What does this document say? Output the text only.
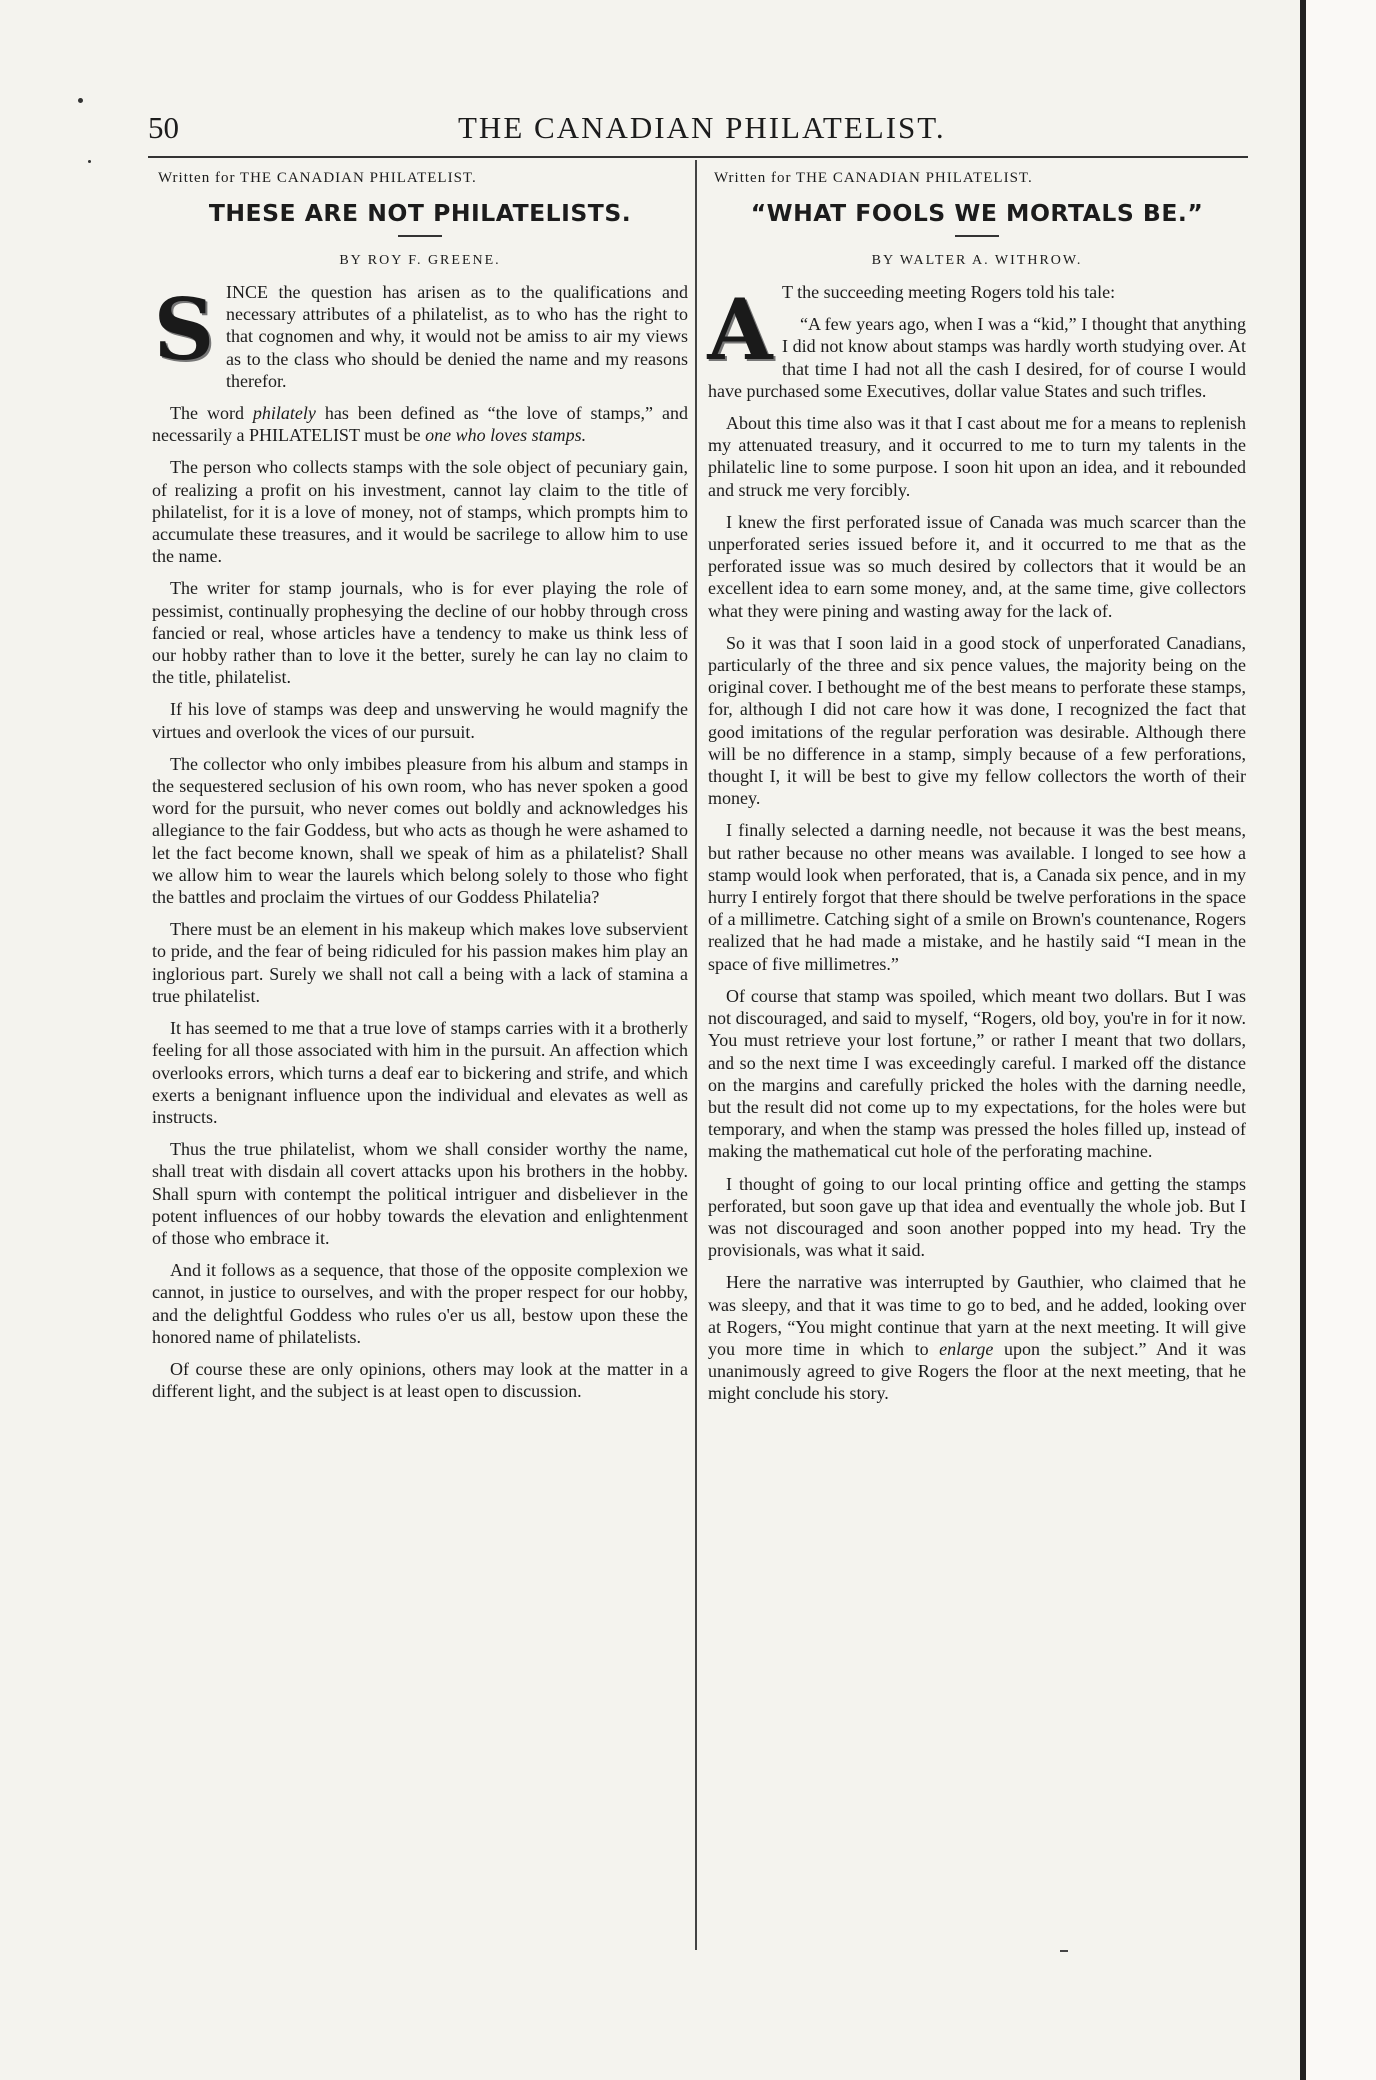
50	THE CANADIAN PHILATELIST.
Written for THE CANADIAN PHILATELIST.
THESE ARE NOT PHILATELISTS.
BY ROY F. GREENE.

SINCE the question has arisen as to the qualifications and necessary attributes of a philatelist, as to who has the right to that cognomen and why, it would not be amiss to air my views as to the class who should be denied the name and my reasons therefor.

The word philately has been defined as “the love of stamps,” and necessarily a PHILATELIST must be one who loves stamps.

The person who collects stamps with the sole object of pecuniary gain, of realizing a profit on his investment, cannot lay claim to the title of philatelist, for it is a love of money, not of stamps, which prompts him to accumulate these treasures, and it would be sacrilege to allow him to use the name.

The writer for stamp journals, who is for ever playing the role of pessimist, continually prophesying the decline of our hobby through cross fancied or real, whose articles have a tendency to make us think less of our hobby rather than to love it the better, surely he can lay no claim to the title, philatelist.

If his love of stamps was deep and unswerving he would magnify the virtues and overlook the vices of our pursuit.

The collector who only imbibes pleasure from his album and stamps in the sequestered seclusion of his own room, who has never spoken a good word for the pursuit, who never comes out boldly and acknowledges his allegiance to the fair Goddess, but who acts as though he were ashamed to let the fact become known, shall we speak of him as a philatelist? Shall we allow him to wear the laurels which belong solely to those who fight the battles and proclaim the virtues of our Goddess Philatelia?

There must be an element in his makeup which makes love subservient to pride, and the fear of being ridiculed for his passion makes him play an inglorious part. Surely we shall not call a being with a lack of stamina a true philatelist.

It has seemed to me that a true love of stamps carries with it a brotherly feeling for all those associated with him in the pursuit. An affection which overlooks errors, which turns a deaf ear to bickering and strife, and which exerts a benignant influence upon the individual and elevates as well as instructs.

Thus the true philatelist, whom we shall consider worthy the name, shall treat with disdain all covert attacks upon his brothers in the hobby. Shall spurn with contempt the political intriguer and disbeliever in the potent influences of our hobby towards the elevation and enlightenment of those who embrace it.

And it follows as a sequence, that those of the opposite complexion we cannot, in justice to ourselves, and with the proper respect for our hobby, and the delightful Goddess who rules o'er us all, bestow upon these the honored name of philatelists.

Of course these are only opinions, others may look at the matter in a different light, and the subject is at least open to discussion.

Written for THE CANADIAN PHILATELIST.
“WHAT FOOLS WE MORTALS BE.”
BY WALTER A. WITHROW.

A T the succeeding meeting Rogers told his tale:

“A few years ago, when I was a “kid,” I thought that anything I did not know about stamps was hardly worth studying over. At that time I had not all the cash I desired, for of course I would have purchased some Executives, dollar value States and such trifles.

About this time also was it that I cast about me for a means to replenish my attenuated treasury, and it occurred to me to turn my talents in the philatelic line to some purpose. I soon hit upon an idea, and it rebounded and struck me very forcibly.

I knew the first perforated issue of Canada was much scarcer than the unperforated series issued before it, and it occurred to me that as the perforated issue was so much desired by collectors that it would be an excellent idea to earn some money, and, at the same time, give collectors what they were pining and wasting away for the lack of.

So it was that I soon laid in a good stock of unperforated Canadians, particularly of the three and six pence values, the majority being on the original cover. I bethought me of the best means to perforate these stamps, for, although I did not care how it was done, I recognized the fact that good imitations of the regular perforation was desirable. Although there will be no difference in a stamp, simply because of a few perforations, thought I, it will be best to give my fellow collectors the worth of their money.

I finally selected a darning needle, not because it was the best means, but rather because no other means was available. I longed to see how a stamp would look when perforated, that is, a Canada six pence, and in my hurry I entirely forgot that there should be twelve perforations in the space of a millimetre. Catching sight of a smile on Brown's countenance, Rogers realized that he had made a mistake, and he hastily said “I mean in the space of five millimetres.”

Of course that stamp was spoiled, which meant two dollars. But I was not discouraged, and said to myself, “Rogers, old boy, you're in for it now. You must retrieve your lost fortune,” or rather I meant that two dollars, and so the next time I was exceedingly careful. I marked off the distance on the margins and carefully pricked the holes with the darning needle, but the result did not come up to my expectations, for the holes were but temporary, and when the stamp was pressed the holes filled up, instead of making the mathematical cut hole of the perforating machine.

I thought of going to our local printing office and getting the stamps perforated, but soon gave up that idea and eventually the whole job. But I was not discouraged and soon another popped into my head. Try the provisionals, was what it said.

Here the narrative was interrupted by Gauthier, who claimed that he was sleepy, and that it was time to go to bed, and he added, looking over at Rogers, “You might continue that yarn at the next meeting. It will give you more time in which to enlarge upon the subject.” And it was unanimously agreed to give Rogers the floor at the next meeting, that he might conclude his story.
